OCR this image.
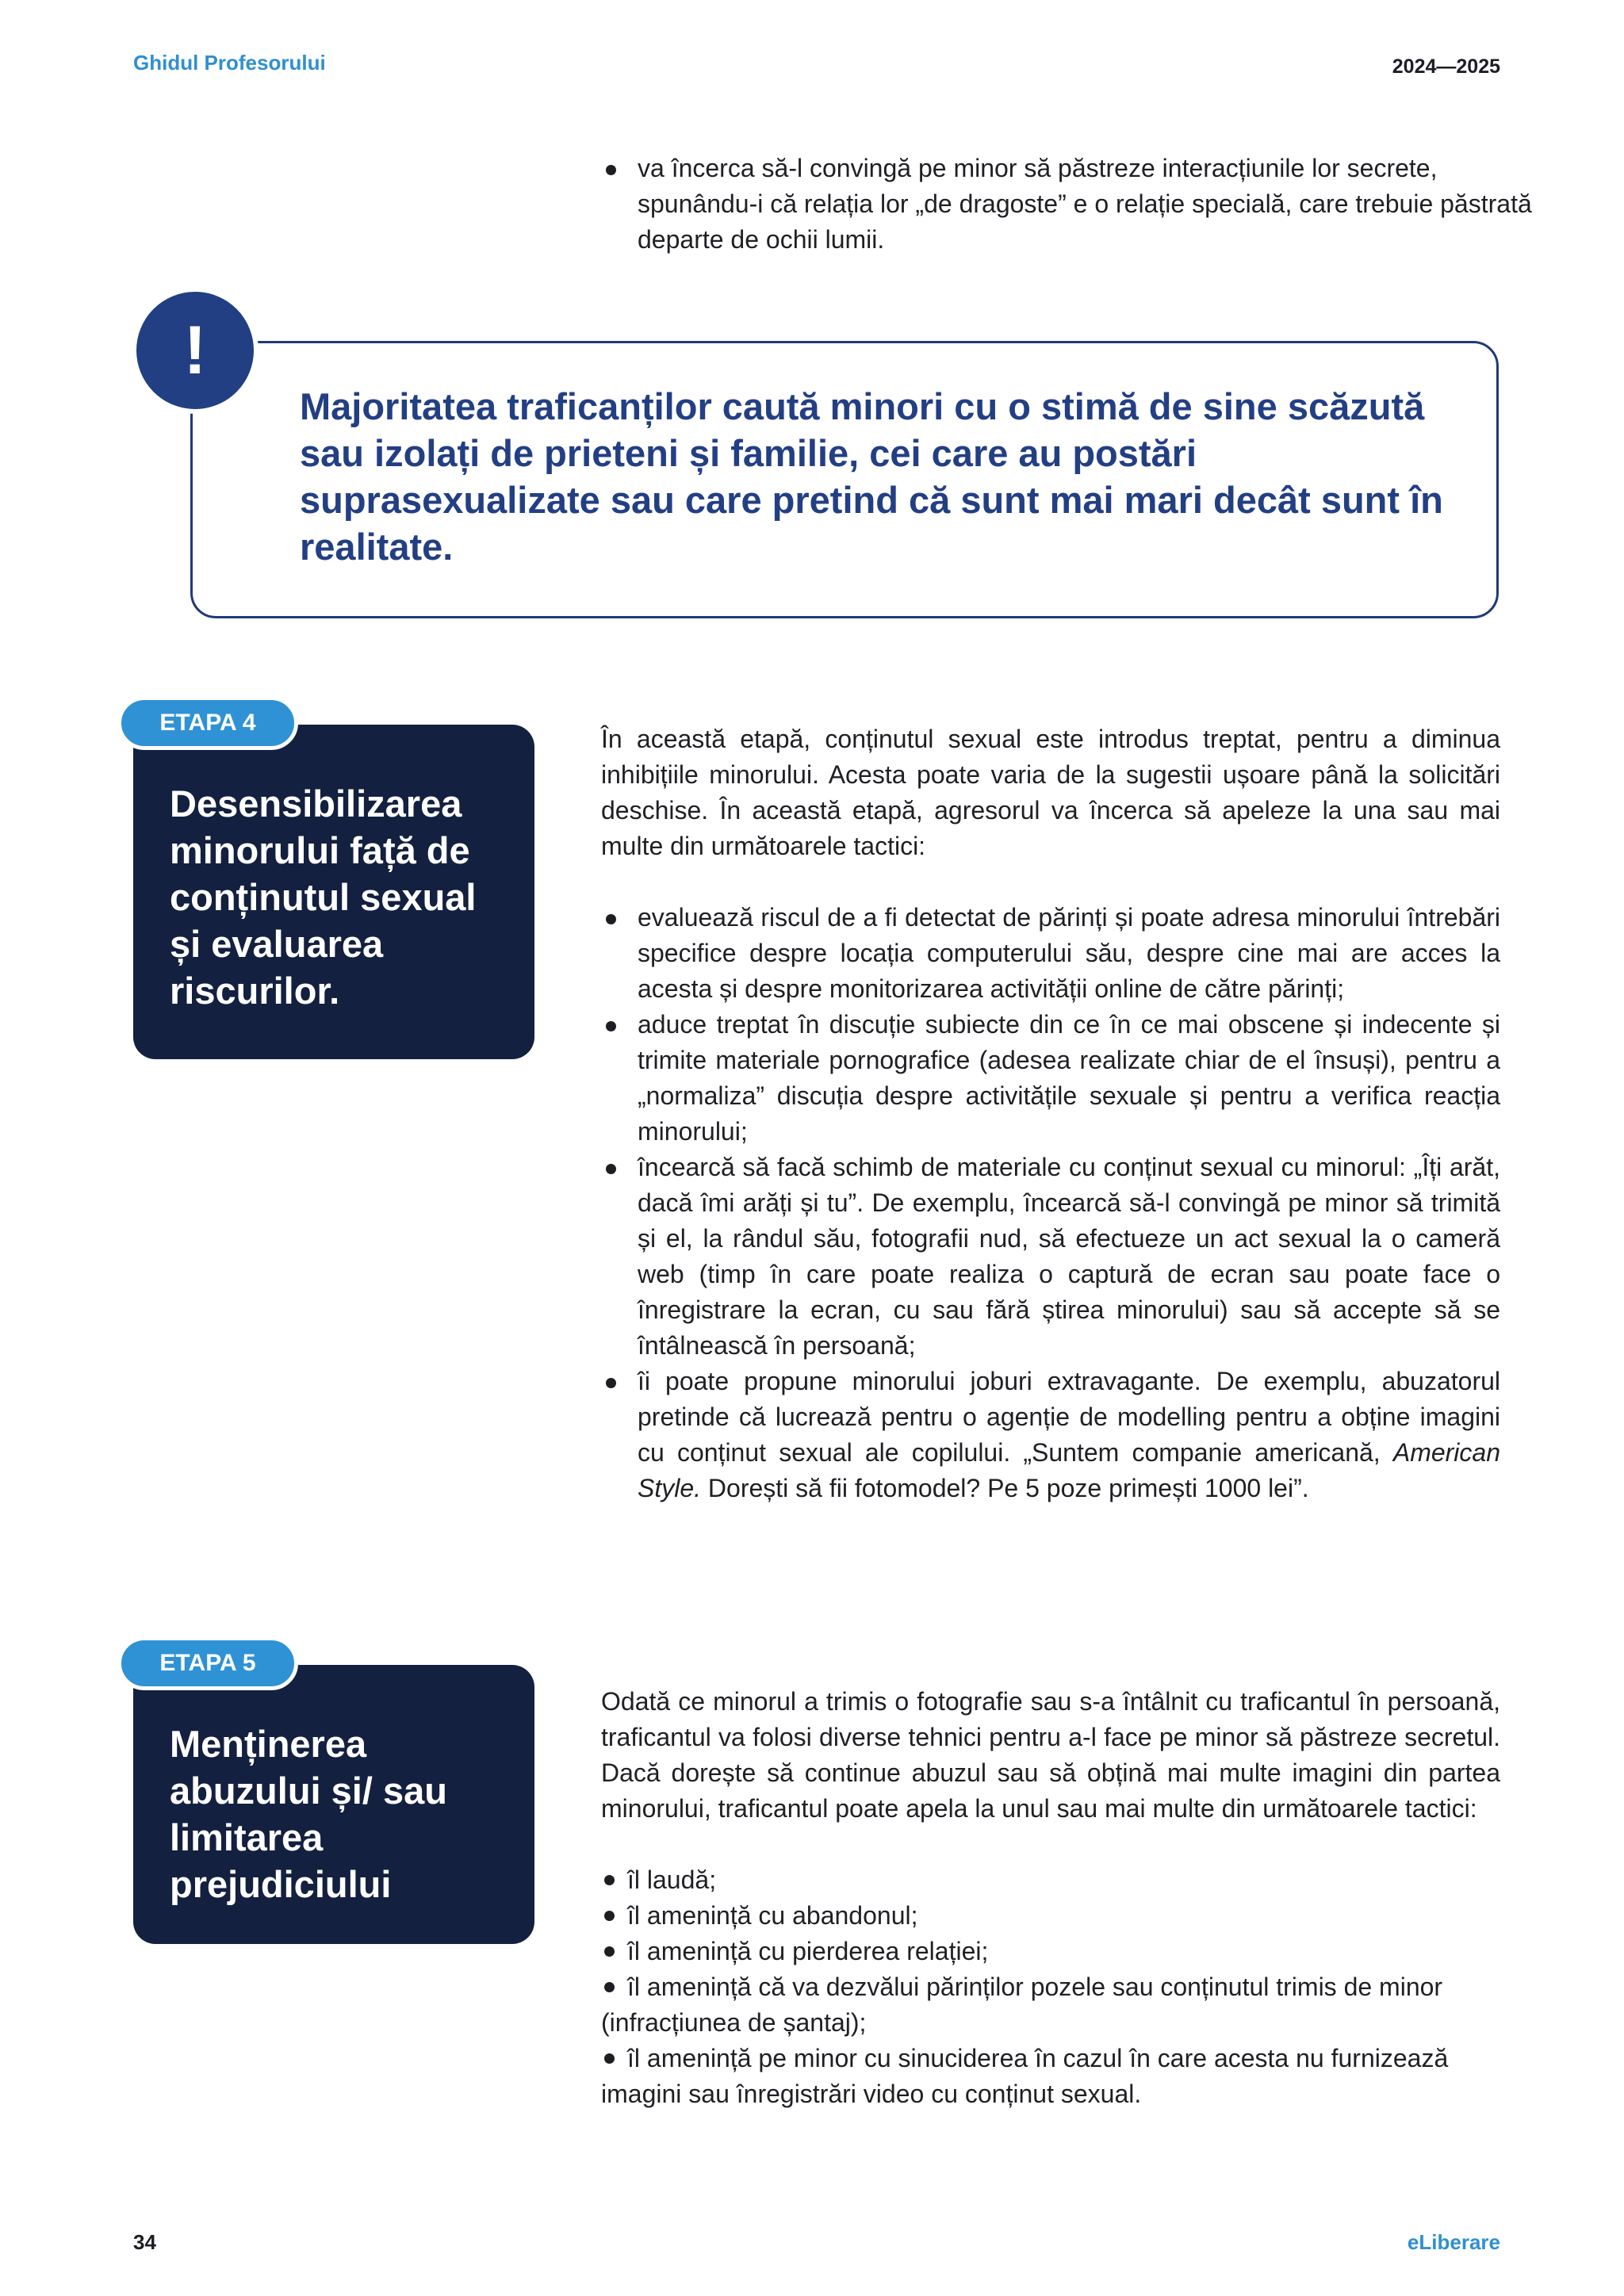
Ghidul Profesorului	2024—2025
va încerca să-l convingă pe minor să păstreze interacțiunile lor secrete, spunându-i că relația lor „de dragoste” e o relație specială, care trebuie păstrată departe de ochii lumii.
!
Majoritatea traficanților caută minori cu o stimă de sine scăzută sau izolați de prieteni și familie, cei care au postări suprasexualizate sau care pretind că sunt mai mari decât sunt în realitate.
Desensibilizarea minorului față de conținutul sexual și evaluarea riscurilor.
ETAPA 4
În această etapă, conținutul sexual este introdus treptat, pentru a diminua inhibițiile minorului. Acesta poate varia de la sugestii ușoare până la solicitări deschise. În această etapă, agresorul va încerca să apeleze la una sau mai multe din următoarele tactici:
evaluează riscul de a fi detectat de părinți și poate adresa minorului întrebări specifice despre locația computerului său, despre cine mai are acces la acesta și despre monitorizarea activității online de către părinți;
aduce treptat în discuție subiecte din ce în ce mai obscene și indecente și trimite materiale pornografice (adesea realizate chiar de el însuși), pentru a „normaliza” discuția despre activitățile sexuale și pentru a verifica reacția minorului;
încearcă să facă schimb de materiale cu conținut sexual cu minorul: „Îți arăt, dacă îmi arăți și tu”. De exemplu, încearcă să-l convingă pe minor să trimită și el, la rândul său, fotografii nud, să efectueze un act sexual la o cameră web (timp în care poate realiza o captură de ecran sau poate face o înregistrare la ecran, cu sau fără știrea minorului) sau să accepte să se întâlnească în persoană;
îi poate propune minorului joburi extravagante. De exemplu, abuzatorul pretinde că lucrează pentru o agenție de modelling pentru a obține imagini cu conținut sexual ale copilului. „Suntem companie americană, American Style. Dorești să fii fotomodel? Pe 5 poze primești 1000 lei”.
Menținerea abuzului și/ sau limitarea prejudiciului
ETAPA 5
Odată ce minorul a trimis o fotografie sau s-a întâlnit cu traficantul în persoană, traficantul va folosi diverse tehnici pentru a-l face pe minor să păstreze secretul. Dacă dorește să continue abuzul sau să obțină mai multe imagini din partea minorului, traficantul poate apela la unul sau mai multe din următoarele tactici:
îl laudă;
îl amenință cu abandonul;
îl amenință cu pierderea relației;
îl amenință că va dezvălui părinților pozele sau conținutul trimis de minor (infracțiunea de șantaj);
îl amenință pe minor cu sinuciderea în cazul în care acesta nu furnizează imagini sau înregistrări video cu conținut sexual.
34	eLiberare
